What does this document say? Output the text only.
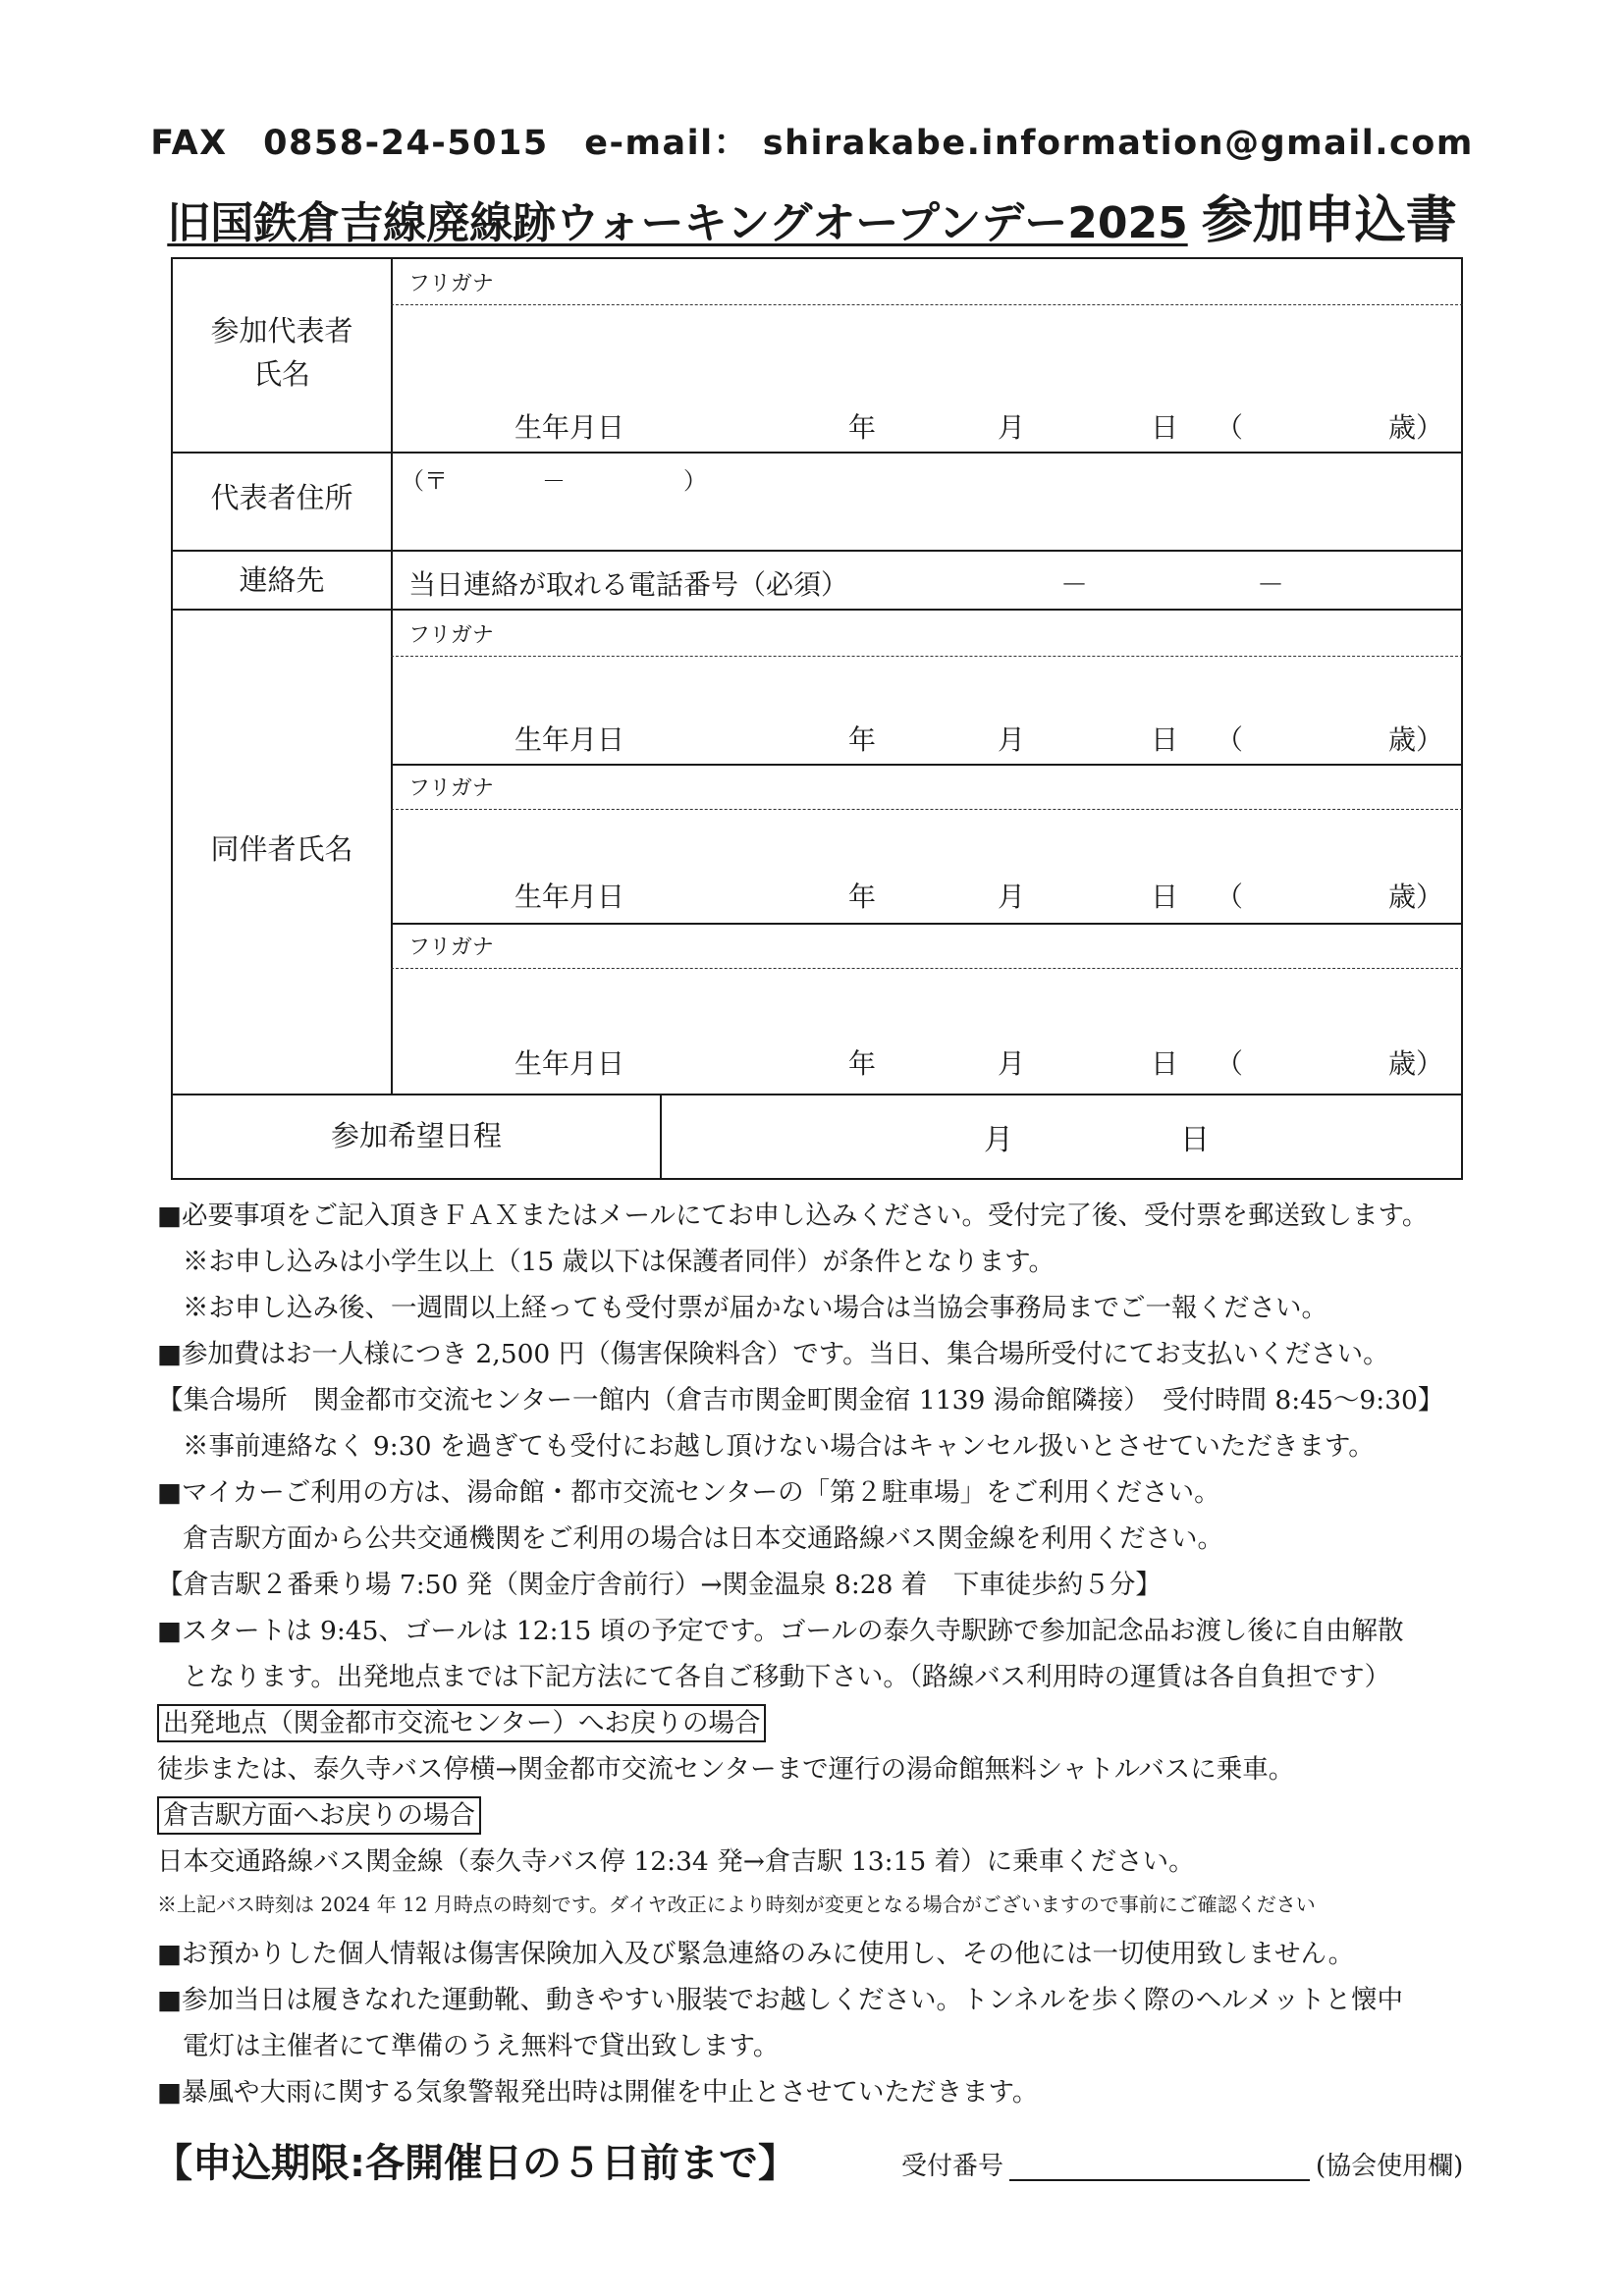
FAX　0858-24-5015　e-mail： shirakabe.information@gmail.com
旧国鉄倉吉線廃線跡ウォーキングオープンデー2025 参加申込書
参加代表者
氏名
フリガナ
生年月日	年	月	日 （	歳）
代表者住所	（〒　　　　－　　　　　）
連絡先	当日連絡が取れる電話番号（必須）	－	－
同伴者氏名
フリガナ
生年月日	年	月	日 （	歳）
フリガナ
生年月日	年	月	日 （	歳）
フリガナ
生年月日	年	月	日 （	歳）
参加希望日程	月	日
■必要事項をご記入頂きＦＡＸまたはメールにてお申し込みください。受付完了後、受付票を郵送致します。
※お申し込みは小学生以上（15 歳以下は保護者同伴）が条件となります。
※お申し込み後、一週間以上経っても受付票が届かない場合は当協会事務局までご一報ください。
■参加費はお一人様につき 2,500 円（傷害保険料含）です。当日、集合場所受付にてお支払いください。
【集合場所　関金都市交流センター一館内（倉吉市関金町関金宿 1139 湯命館隣接）　受付時間 8:45～9:30】
※事前連絡なく 9:30 を過ぎても受付にお越し頂けない場合はキャンセル扱いとさせていただきます。
■マイカーご利用の方は、湯命館・都市交流センターの「第２駐車場」をご利用ください。
倉吉駅方面から公共交通機関をご利用の場合は日本交通路線バス関金線を利用ください。
【倉吉駅２番乗り場 7:50 発（関金庁舎前行）→関金温泉 8:28 着　下車徒歩約５分】
■スタートは 9:45、ゴールは 12:15 頃の予定です。ゴールの泰久寺駅跡で参加記念品お渡し後に自由解散
となります。出発地点までは下記方法にて各自ご移動下さい。（路線バス利用時の運賃は各自負担です）
出発地点（関金都市交流センター）へお戻りの場合
徒歩または、泰久寺バス停横→関金都市交流センターまで運行の湯命館無料シャトルバスに乗車。
倉吉駅方面へお戻りの場合
日本交通路線バス関金線（泰久寺バス停 12:34 発→倉吉駅 13:15 着）に乗車ください。
※上記バス時刻は 2024 年 12 月時点の時刻です。ダイヤ改正により時刻が変更となる場合がございますので事前にご確認ください
■お預かりした個人情報は傷害保険加入及び緊急連絡のみに使用し、その他には一切使用致しません。
■参加当日は履きなれた運動靴、動きやすい服装でお越しください。トンネルを歩く際のヘルメットと懐中
電灯は主催者にて準備のうえ無料で貸出致します。
■暴風や大雨に関する気象警報発出時は開催を中止とさせていただきます。
【申込期限:各開催日の５日前まで】	受付番号	(協会使用欄)
